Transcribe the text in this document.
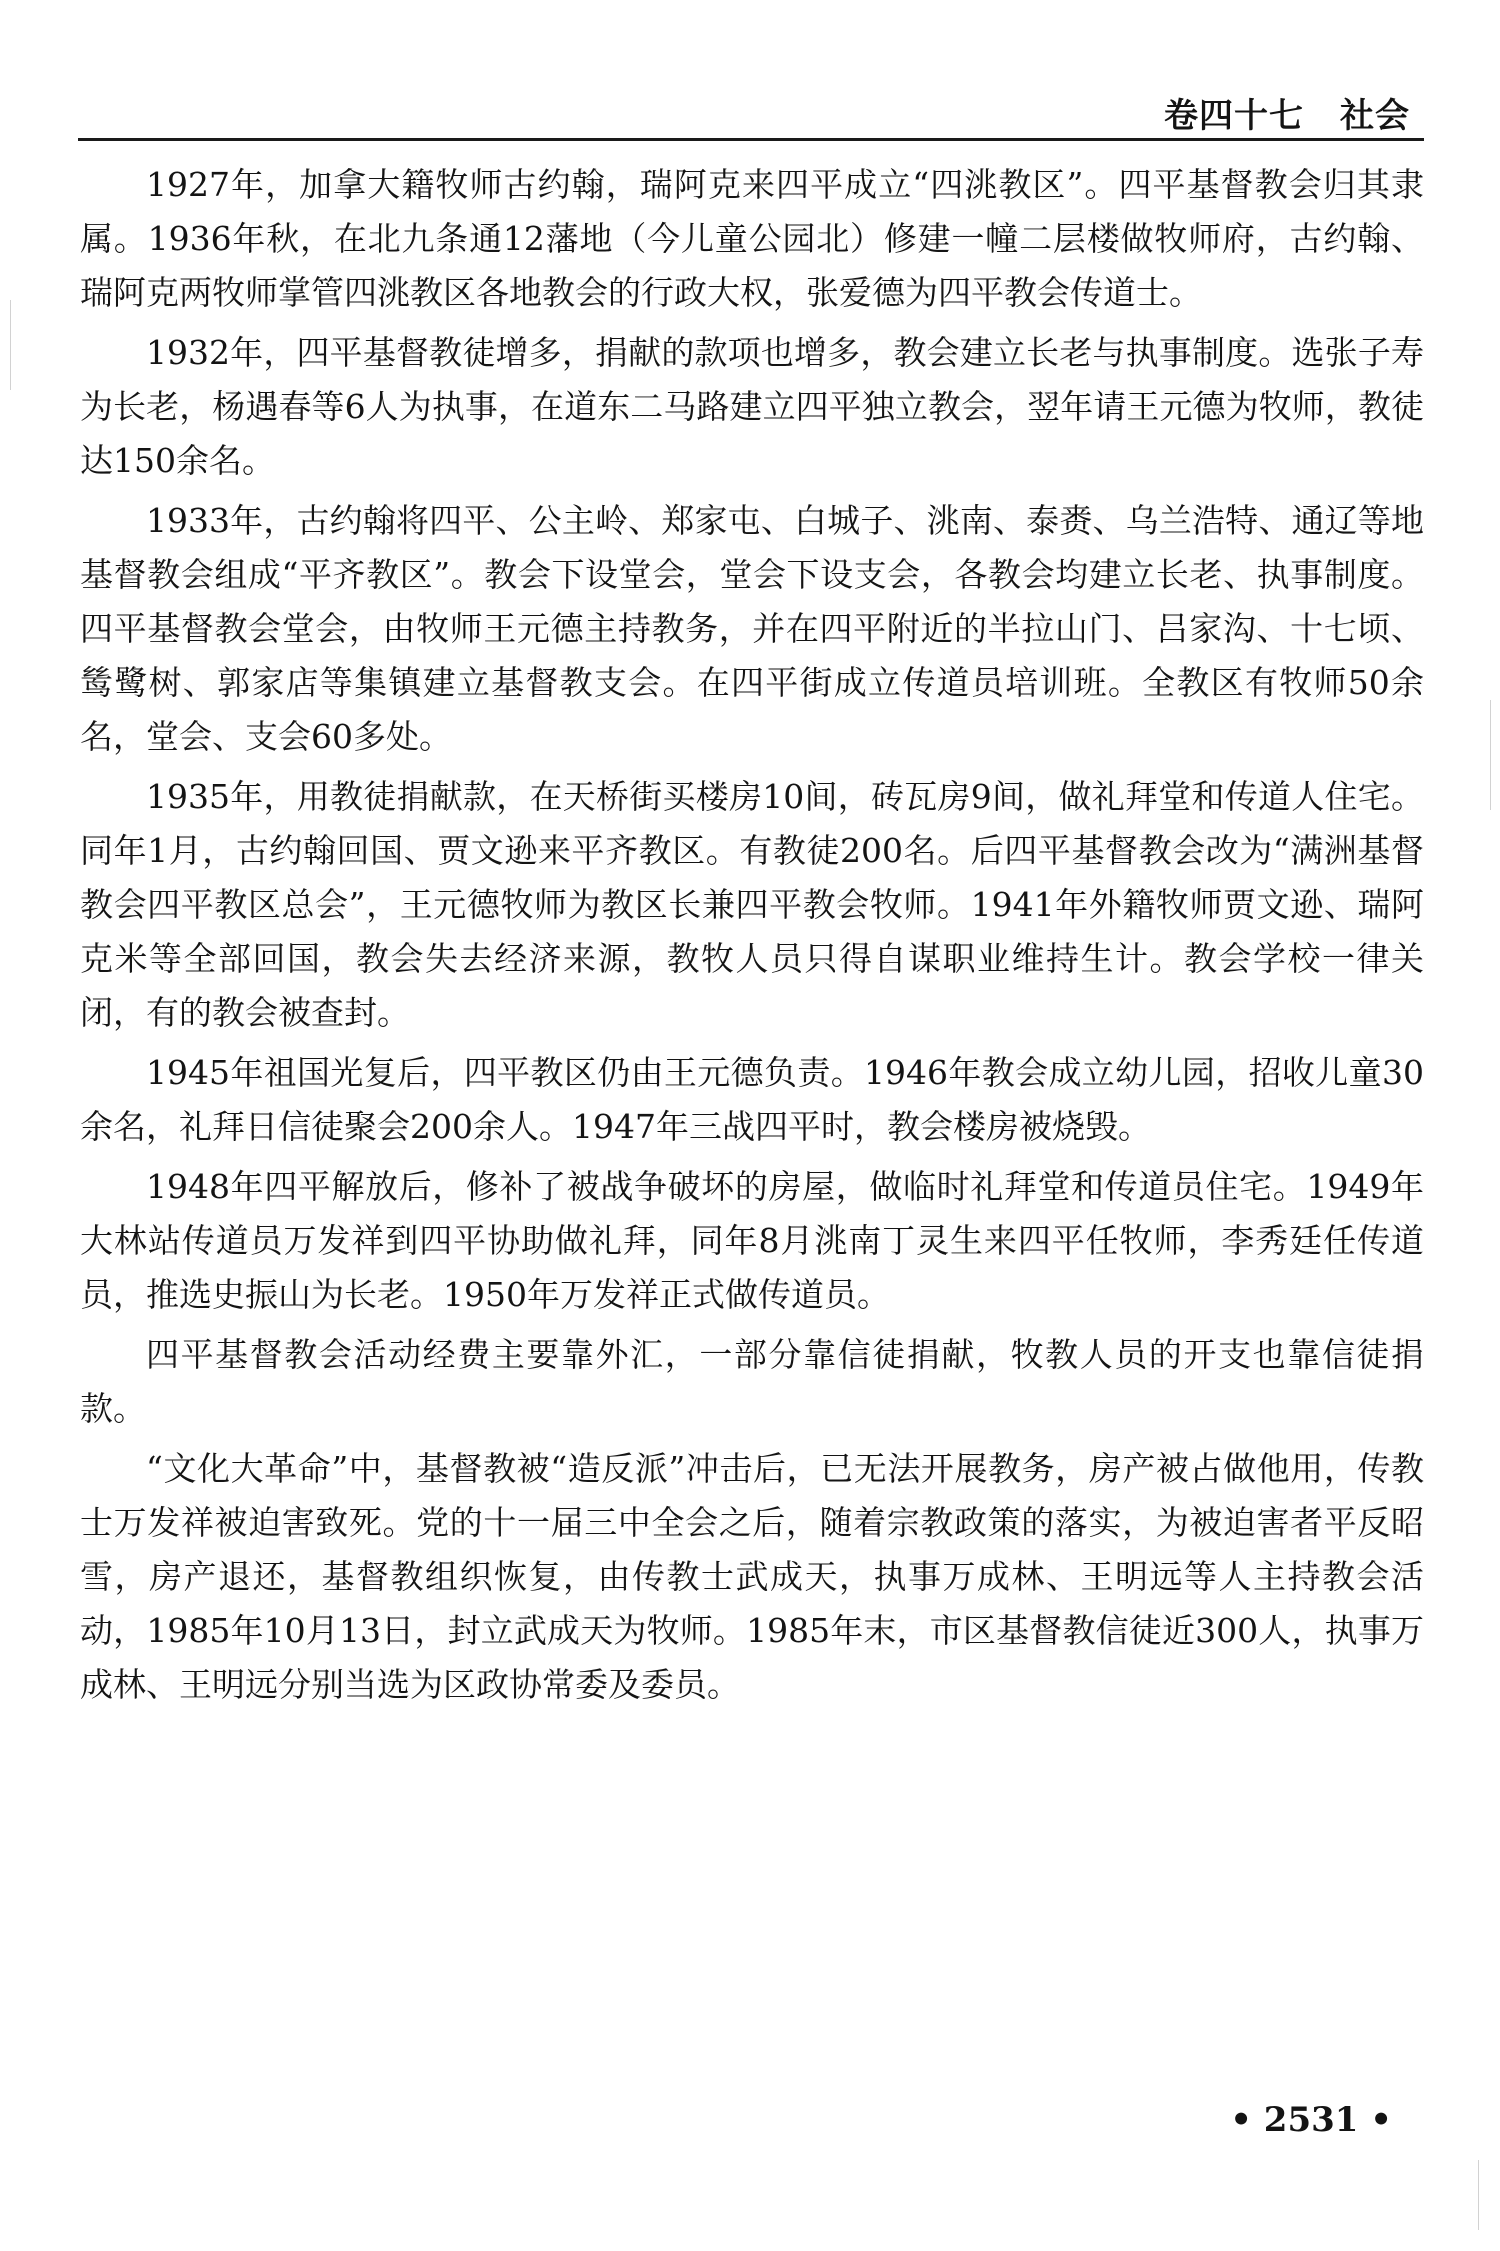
卷四十七 社会

1927年，加拿大籍牧师古约翰，瑞阿克来四平成立“四洮教区”。四平基督教会归其隶属。1936年秋，在北九条通12藩地（今儿童公园北）修建一幢二层楼做牧师府，古约翰、瑞阿克两牧师掌管四洮教区各地教会的行政大权，张爱德为四平教会传道士。

1932年，四平基督教徒增多，捐献的款项也增多，教会建立长老与执事制度。选张子寿为长老，杨遇春等6人为执事，在道东二马路建立四平独立教会，翌年请王元德为牧师，教徒达150余名。

1933年，古约翰将四平、公主岭、郑家屯、白城子、洮南、泰赉、乌兰浩特、通辽等地基督教会组成“平齐教区”。教会下设堂会，堂会下设支会，各教会均建立长老、执事制度。四平基督教会堂会，由牧师王元德主持教务，并在四平附近的半拉山门、吕家沟、十七顷、鸶鹭树、郭家店等集镇建立基督教支会。在四平街成立传道员培训班。全教区有牧师50余名，堂会、支会60多处。

1935年，用教徒捐献款，在天桥街买楼房10间，砖瓦房9间，做礼拜堂和传道人住宅。同年1月，古约翰回国、贾文逊来平齐教区。有教徒200名。后四平基督教会改为“满洲基督教会四平教区总会”，王元德牧师为教区长兼四平教会牧师。1941年外籍牧师贾文逊、瑞阿克米等全部回国，教会失去经济来源，教牧人员只得自谋职业维持生计。教会学校一律关闭，有的教会被查封。

1945年祖国光复后，四平教区仍由王元德负责。1946年教会成立幼儿园，招收儿童30余名，礼拜日信徒聚会200余人。1947年三战四平时，教会楼房被烧毁。

1948年四平解放后，修补了被战争破坏的房屋，做临时礼拜堂和传道员住宅。1949年大林站传道员万发祥到四平协助做礼拜，同年8月洮南丁灵生来四平任牧师，李秀廷任传道员，推选史振山为长老。1950年万发祥正式做传道员。

四平基督教会活动经费主要靠外汇，一部分靠信徒捐献，牧教人员的开支也靠信徒捐款。

“文化大革命”中，基督教被“造反派”冲击后，已无法开展教务，房产被占做他用，传教士万发祥被迫害致死。党的十一届三中全会之后，随着宗教政策的落实，为被迫害者平反昭雪，房产退还，基督教组织恢复，由传教士武成天，执事万成林、王明远等人主持教会活动，1985年10月13日，封立武成天为牧师。1985年末，市区基督教信徒近300人，执事万成林、王明远分别当选为区政协常委及委员。

• 2531 •
